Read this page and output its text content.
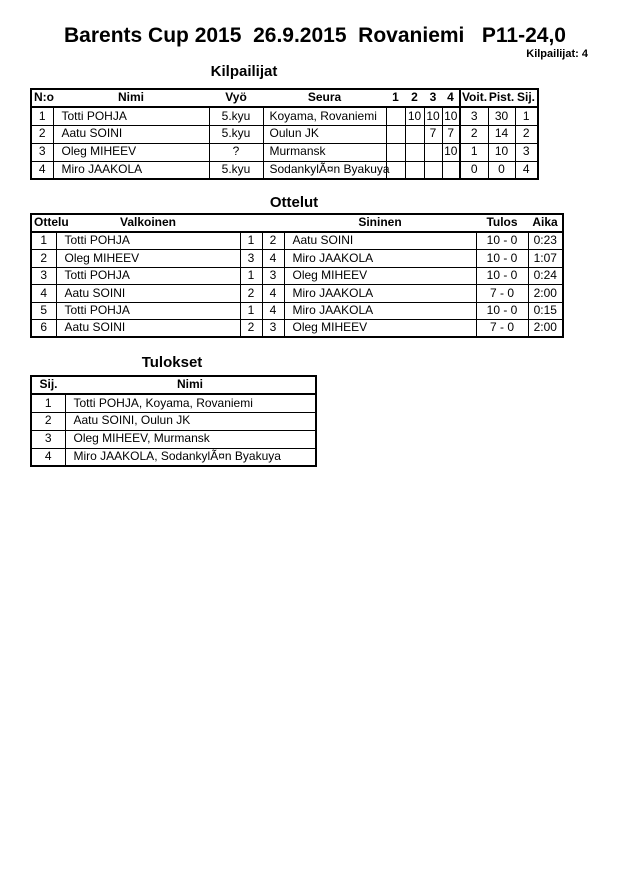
Barents Cup 2015  26.9.2015  Rovaniemi   P11-24,0
Kilpailijat: 4
Kilpailijat
N:o	Nimi	Vyö	Seura	1	2	3	4	Voit.	Pist.	Sij.
1	Totti POHJA	5.kyu	Koyama, Rovaniemi		10	10	10	3	30	1
2	Aatu SOINI	5.kyu	Oulun JK			7	7	2	14	2
3	Oleg MIHEEV	?	Murmansk				10	1	10	3
4	Miro JAAKOLA	5.kyu	SodankylÃ¤n Byakuya					0	0	4
Ottelut
Ottelu	Valkoinen			Sininen	Tulos	Aika
1	Totti POHJA	1	2	Aatu SOINI	10 - 0	0:23
2	Oleg MIHEEV	3	4	Miro JAAKOLA	10 - 0	1:07
3	Totti POHJA	1	3	Oleg MIHEEV	10 - 0	0:24
4	Aatu SOINI	2	4	Miro JAAKOLA	7 - 0	2:00
5	Totti POHJA	1	4	Miro JAAKOLA	10 - 0	0:15
6	Aatu SOINI	2	3	Oleg MIHEEV	7 - 0	2:00
Tulokset
Sij.	Nimi
1	Totti POHJA, Koyama, Rovaniemi
2	Aatu SOINI, Oulun JK
3	Oleg MIHEEV, Murmansk
4	Miro JAAKOLA, SodankylÃ¤n Byakuya
